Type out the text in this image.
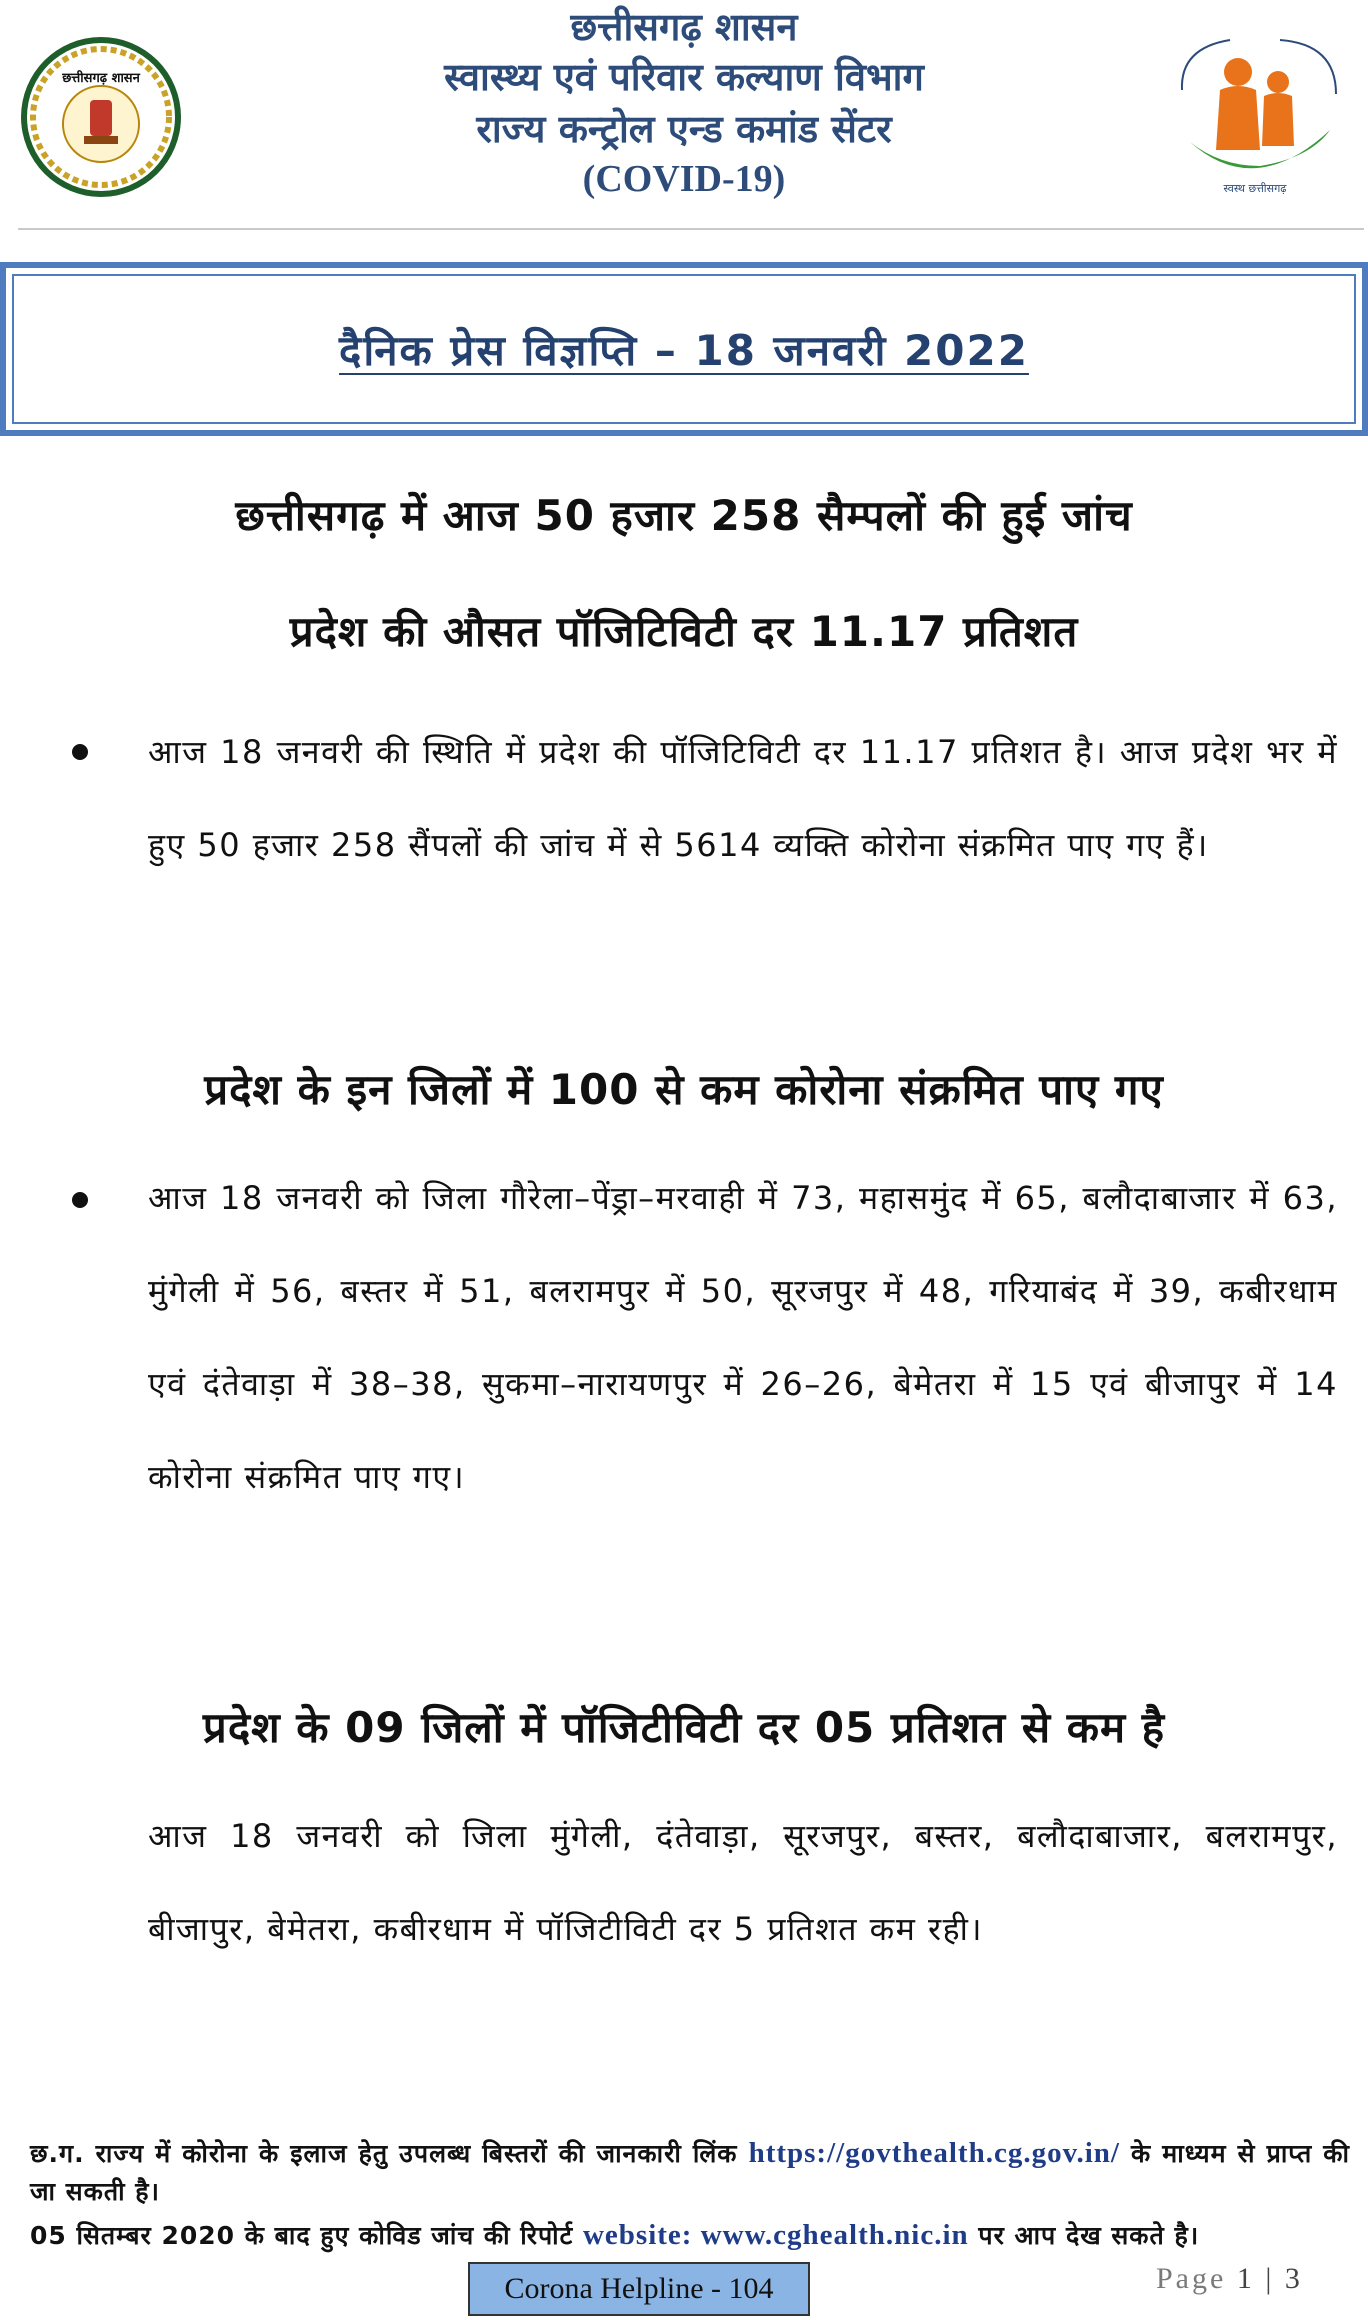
छत्तीसगढ़ शासन
स्वस्थ छत्तीसगढ़
छत्तीसगढ़ शासन
स्वास्थ्य एवं परिवार कल्याण विभाग
राज्य कन्ट्रोल एन्ड कमांड सेंटर
(COVID-19)
दैनिक प्रेस विज्ञप्ति – 18 जनवरी 2022
छत्तीसगढ़ में आज 50 हजार 258 सैम्पलों की हुई जांच
प्रदेश की औसत पॉजिटिविटी दर 11.17 प्रतिशत
आज 18 जनवरी की स्थिति में प्रदेश की पॉजिटिविटी दर 11.17 प्रतिशत है। आज प्रदेश भर में हुए 50 हजार 258 सैंपलों की जांच में से 5614 व्यक्ति कोरोना संक्रमित पाए गए हैं।
प्रदेश के इन जिलों में 100 से कम कोरोना संक्रमित पाए गए
आज 18 जनवरी को जिला गौरेला–पेंड्रा–मरवाही में 73, महासमुंद में 65, बलौदाबाजार में 63, मुंगेली में 56, बस्तर में 51, बलरामपुर में 50, सूरजपुर में 48, गरियाबंद में 39, कबीरधाम एवं दंतेवाड़ा में 38–38, सुकमा–नारायणपुर में 26–26, बेमेतरा में 15 एवं बीजापुर में 14 कोरोना संक्रमित पाए गए।
प्रदेश के 09 जिलों में पॉजिटीविटी दर 05 प्रतिशत से कम है
आज 18 जनवरी को जिला मुंगेली, दंतेवाड़ा, सूरजपुर, बस्तर, बलौदाबाजार, बलरामपुर, बीजापुर, बेमेतरा, कबीरधाम में पॉजिटीविटी दर 5 प्रतिशत कम रही।
छ.ग. राज्य में कोरोना के इलाज हेतु उपलब्ध बिस्तरों की जानकारी लिंक https://govthealth.cg.gov.in/ के माध्यम से प्राप्त की जा सकती है।
05 सितम्बर 2020 के बाद हुए कोविड जांच की रिपोर्ट website: www.cghealth.nic.in पर आप देख सकते है।
Corona Helpline - 104	Page 1 | 3
